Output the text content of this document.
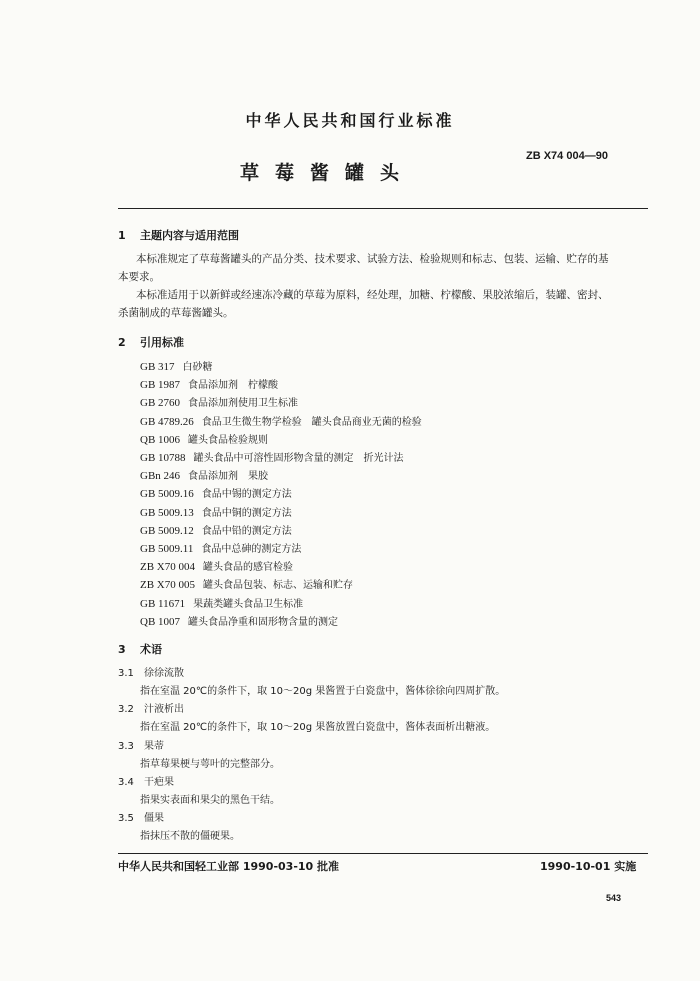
中华人民共和国行业标准
草莓酱罐头
ZB X74 004—90
1 主题内容与适用范围
本标准规定了草莓酱罐头的产品分类、技术要求、试验方法、检验规则和标志、包装、运输、贮存的基
本要求。
本标准适用于以新鲜或经速冻冷藏的草莓为原料，经处理，加糖、柠檬酸、果胶浓缩后，装罐、密封、
杀菌制成的草莓酱罐头。
2 引用标准
GB 317 白砂糖
GB 1987 食品添加剂　柠檬酸
GB 2760 食品添加剂使用卫生标准
GB 4789.26 食品卫生微生物学检验　罐头食品商业无菌的检验
QB 1006 罐头食品检验规则
GB 10788 罐头食品中可溶性固形物含量的测定　折光计法
GBn 246 食品添加剂　果胶
GB 5009.16 食品中锡的测定方法
GB 5009.13 食品中铜的测定方法
GB 5009.12 食品中铅的测定方法
GB 5009.11 食品中总砷的测定方法
ZB X70 004 罐头食品的感官检验
ZB X70 005 罐头食品包装、标志、运输和贮存
GB 11671 果蔬类罐头食品卫生标准
QB 1007 罐头食品净重和固形物含量的测定
3 术语
3.1 徐徐流散
指在室温 20℃的条件下，取 10～20g 果酱置于白瓷盘中，酱体徐徐向四周扩散。
3.2 汁液析出
指在室温 20℃的条件下，取 10～20g 果酱放置白瓷盘中，酱体表面析出糖液。
3.3 果蒂
指草莓果梗与萼叶的完整部分。
3.4 干疤果
指果实表面和果尖的黑色干结。
3.5 僵果
指抹压不散的僵硬果。
中华人民共和国轻工业部 1990-03-10 批准	1990-10-01 实施
543
